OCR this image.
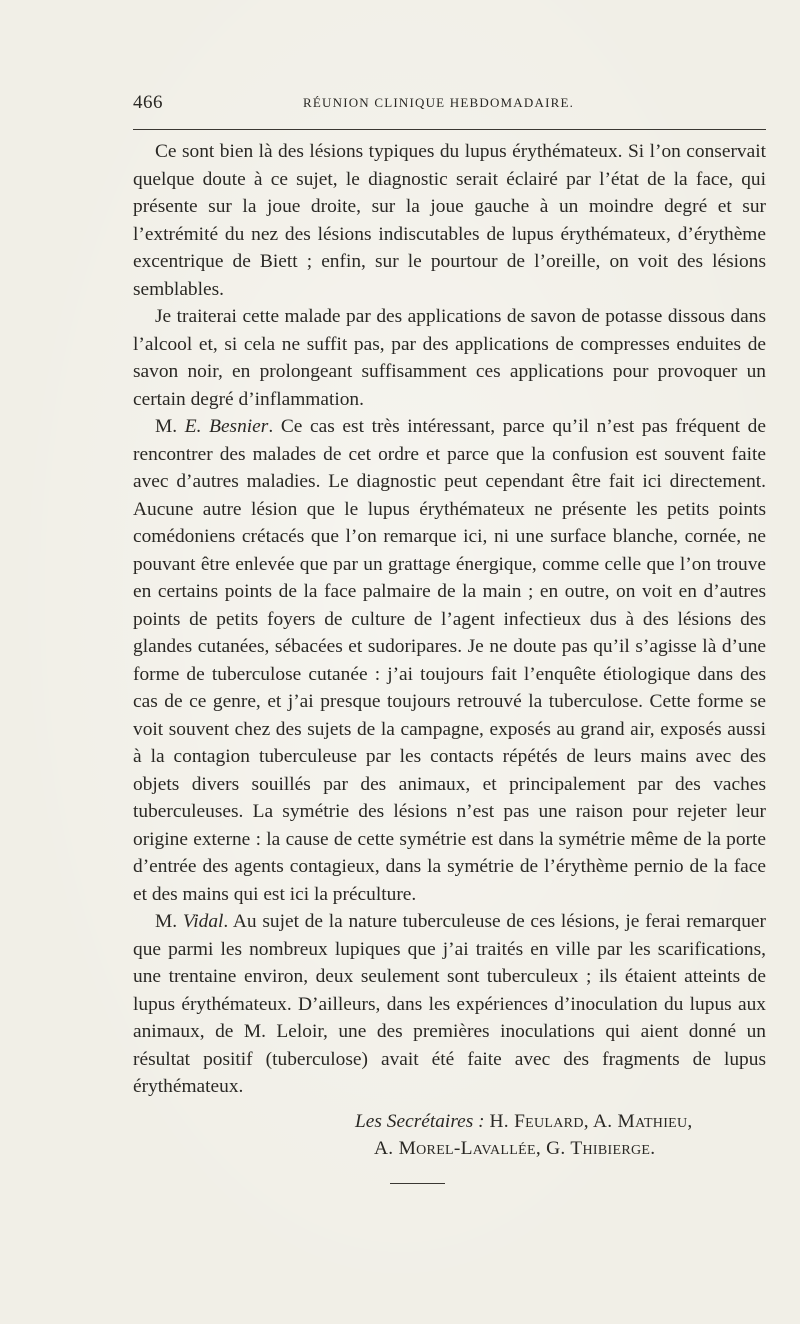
466	RÉUNION CLINIQUE HEBDOMADAIRE.

Ce sont bien là des lésions typiques du lupus érythémateux. Si l’on conservait quelque doute à ce sujet, le diagnostic serait éclairé par l’état de la face, qui présente sur la joue droite, sur la joue gauche à un moindre degré et sur l’extrémité du nez des lésions indiscutables de lupus érythémateux, d’érythème excentrique de Biett ; enfin, sur le pourtour de l’oreille, on voit des lésions semblables.

Je traiterai cette malade par des applications de savon de potasse dissous dans l’alcool et, si cela ne suffit pas, par des applications de compresses enduites de savon noir, en prolongeant suffisamment ces applications pour provoquer un certain degré d’inflammation.

M. E. Besnier. Ce cas est très intéressant, parce qu’il n’est pas fréquent de rencontrer des malades de cet ordre et parce que la confusion est souvent faite avec d’autres maladies. Le diagnostic peut cependant être fait ici directement. Aucune autre lésion que le lupus érythémateux ne présente les petits points comédoniens crétacés que l’on remarque ici, ni une surface blanche, cornée, ne pouvant être enlevée que par un grattage énergique, comme celle que l’on trouve en certains points de la face palmaire de la main ; en outre, on voit en d’autres points de petits foyers de culture de l’agent infectieux dus à des lésions des glandes cutanées, sébacées et sudoripares. Je ne doute pas qu’il s’agisse là d’une forme de tuberculose cutanée : j’ai toujours fait l’enquête étiologique dans des cas de ce genre, et j’ai presque toujours retrouvé la tuberculose. Cette forme se voit souvent chez des sujets de la campagne, exposés au grand air, exposés aussi à la contagion tuberculeuse par les contacts répétés de leurs mains avec des objets divers souillés par des animaux, et principalement par des vaches tuberculeuses. La symétrie des lésions n’est pas une raison pour rejeter leur origine externe : la cause de cette symétrie est dans la symétrie même de la porte d’entrée des agents contagieux, dans la symétrie de l’érythème pernio de la face et des mains qui est ici la préculture.

M. Vidal. Au sujet de la nature tuberculeuse de ces lésions, je ferai remarquer que parmi les nombreux lupiques que j’ai traités en ville par les scarifications, une trentaine environ, deux seulement sont tuberculeux ; ils étaient atteints de lupus érythémateux. D’ailleurs, dans les expériences d’inoculation du lupus aux animaux, de M. Leloir, une des premières inoculations qui aient donné un résultat positif (tuberculose) avait été faite avec des fragments de lupus érythémateux.

Les Secrétaires : H. Feulard, A. Mathieu,
A. Morel-Lavallée, G. Thibierge.
